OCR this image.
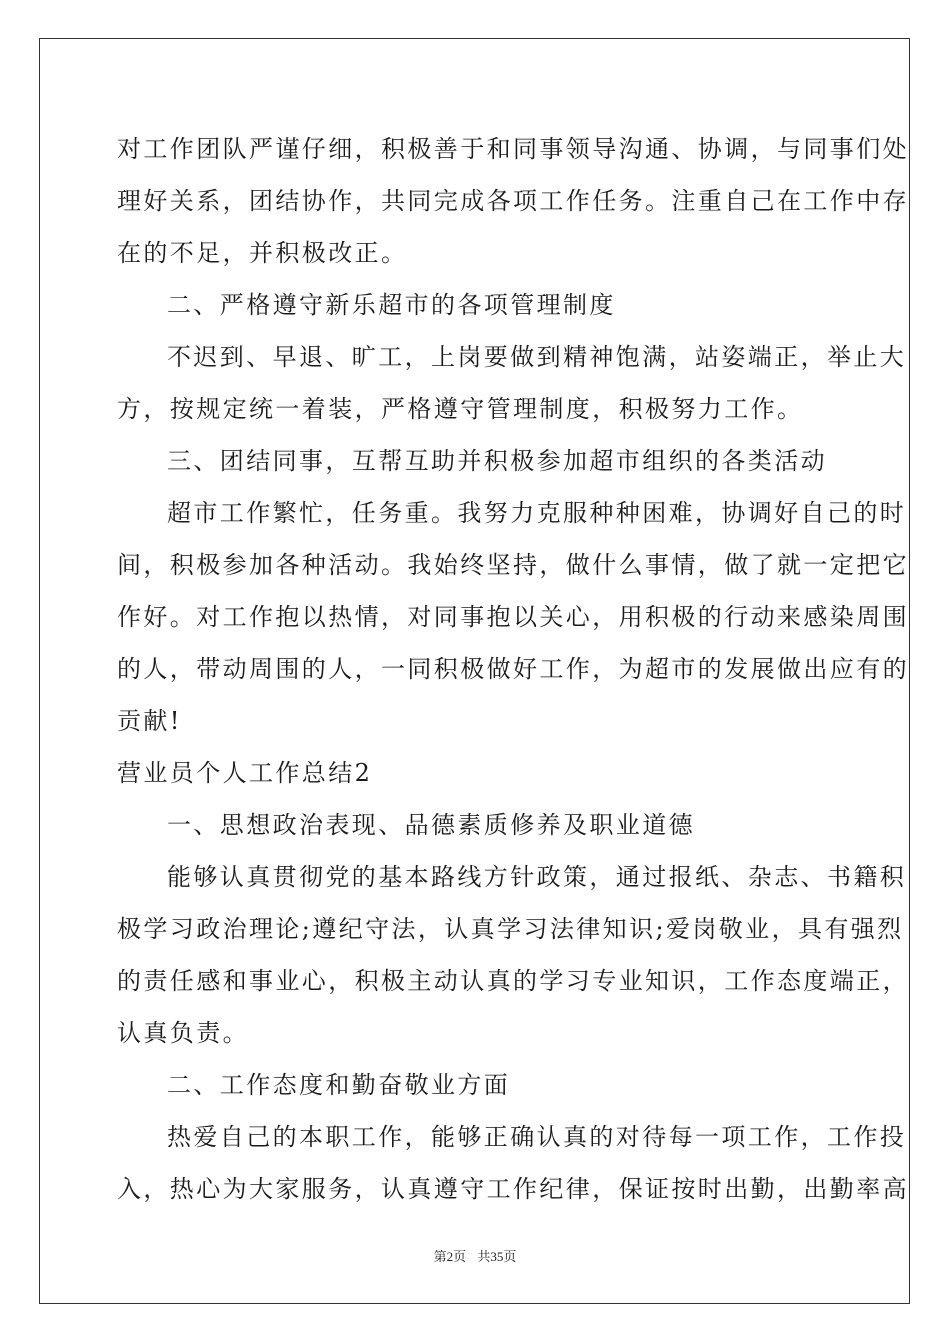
对工作团队严谨仔细，积极善于和同事领导沟通、协调，与同事们处
理好关系，团结协作，共同完成各项工作任务。注重自己在工作中存
在的不足，并积极改正。
二、严格遵守新乐超市的各项管理制度
不迟到、早退、旷工，上岗要做到精神饱满，站姿端正，举止大
方，按规定统一着装，严格遵守管理制度，积极努力工作。
三、团结同事，互帮互助并积极参加超市组织的各类活动
超市工作繁忙，任务重。我努力克服种种困难，协调好自己的时
间，积极参加各种活动。我始终坚持，做什么事情，做了就一定把它
作好。对工作抱以热情，对同事抱以关心，用积极的行动来感染周围
的人，带动周围的人，一同积极做好工作，为超市的发展做出应有的
贡献!
营业员个人工作总结2
一、思想政治表现、品德素质修养及职业道德
能够认真贯彻党的基本路线方针政策，通过报纸、杂志、书籍积
极学习政治理论;遵纪守法，认真学习法律知识;爱岗敬业，具有强烈
的责任感和事业心，积极主动认真的学习专业知识，工作态度端正，
认真负责。
二、工作态度和勤奋敬业方面
热爱自己的本职工作，能够正确认真的对待每一项工作，工作投
入，热心为大家服务，认真遵守工作纪律，保证按时出勤，出勤率高
第2页 共35页
